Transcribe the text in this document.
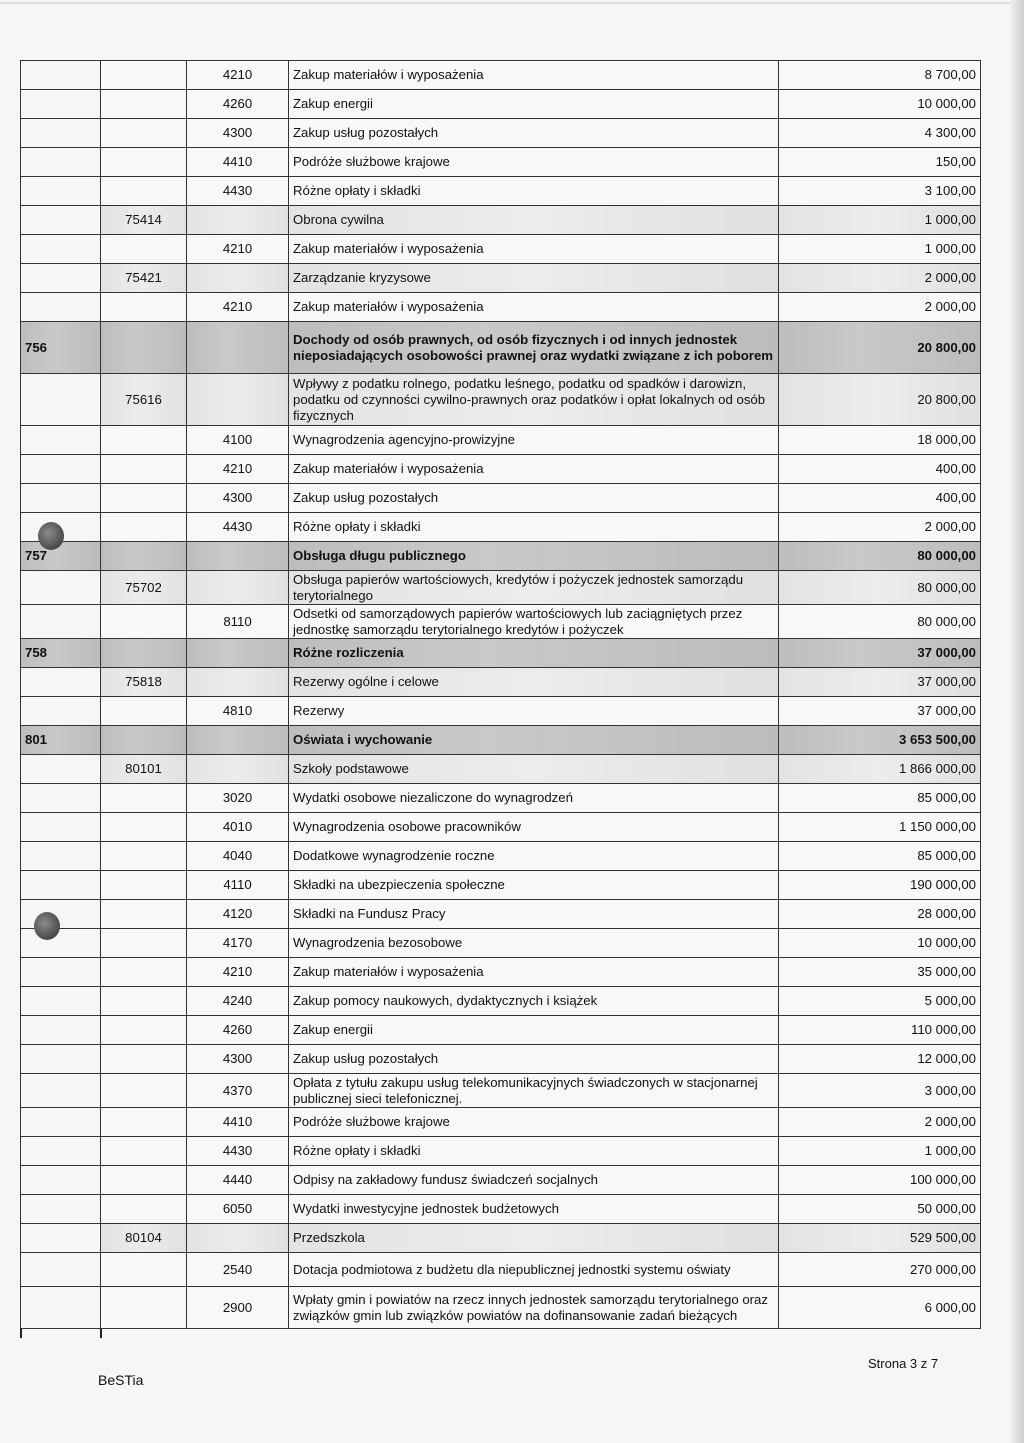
		4210	Zakup materiałów i wyposażenia	8 700,00
		4260	Zakup energii	10 000,00
		4300	Zakup usług pozostałych	4 300,00
		4410	Podróże służbowe krajowe	150,00
		4430	Różne opłaty i składki	3 100,00
	75414		Obrona cywilna	1 000,00
		4210	Zakup materiałów i wyposażenia	1 000,00
	75421		Zarządzanie kryzysowe	2 000,00
		4210	Zakup materiałów i wyposażenia	2 000,00
756			Dochody od osób prawnych, od osób fizycznych i od innych jednostek nieposiadających osobowości prawnej oraz wydatki związane z ich poborem	20 800,00
	75616		Wpływy z podatku rolnego, podatku leśnego, podatku od spadków i darowizn, podatku od czynności cywilno-prawnych oraz podatków i opłat lokalnych od osób fizycznych	20 800,00
		4100	Wynagrodzenia agencyjno-prowizyjne	18 000,00
		4210	Zakup materiałów i wyposażenia	400,00
		4300	Zakup usług pozostałych	400,00
		4430	Różne opłaty i składki	2 000,00
757			Obsługa długu publicznego	80 000,00
	75702		Obsługa papierów wartościowych, kredytów i pożyczek jednostek samorządu terytorialnego	80 000,00
		8110	Odsetki od samorządowych papierów wartościowych lub zaciągniętych przez jednostkę samorządu terytorialnego kredytów i pożyczek	80 000,00
758			Różne rozliczenia	37 000,00
	75818		Rezerwy ogólne i celowe	37 000,00
		4810	Rezerwy	37 000,00
801			Oświata i wychowanie	3 653 500,00
	80101		Szkoły podstawowe	1 866 000,00
		3020	Wydatki osobowe niezaliczone do wynagrodzeń	85 000,00
		4010	Wynagrodzenia osobowe pracowników	1 150 000,00
		4040	Dodatkowe wynagrodzenie roczne	85 000,00
		4110	Składki na ubezpieczenia społeczne	190 000,00
		4120	Składki na Fundusz Pracy	28 000,00
		4170	Wynagrodzenia bezosobowe	10 000,00
		4210	Zakup materiałów i wyposażenia	35 000,00
		4240	Zakup pomocy naukowych, dydaktycznych i książek	5 000,00
		4260	Zakup energii	110 000,00
		4300	Zakup usług pozostałych	12 000,00
		4370	Opłata z tytułu zakupu usług telekomunikacyjnych świadczonych w stacjonarnej publicznej sieci telefonicznej.	3 000,00
		4410	Podróże służbowe krajowe	2 000,00
		4430	Różne opłaty i składki	1 000,00
		4440	Odpisy na zakładowy fundusz świadczeń socjalnych	100 000,00
		6050	Wydatki inwestycyjne jednostek budżetowych	50 000,00
	80104		Przedszkola	529 500,00
		2540	Dotacja podmiotowa z budżetu dla niepublicznej jednostki systemu oświaty	270 000,00
		2900	Wpłaty gmin i powiatów na rzecz innych jednostek samorządu terytorialnego oraz związków gmin lub związków powiatów na dofinansowanie zadań bieżących	6 000,00
BeSTia
Strona 3 z 7
